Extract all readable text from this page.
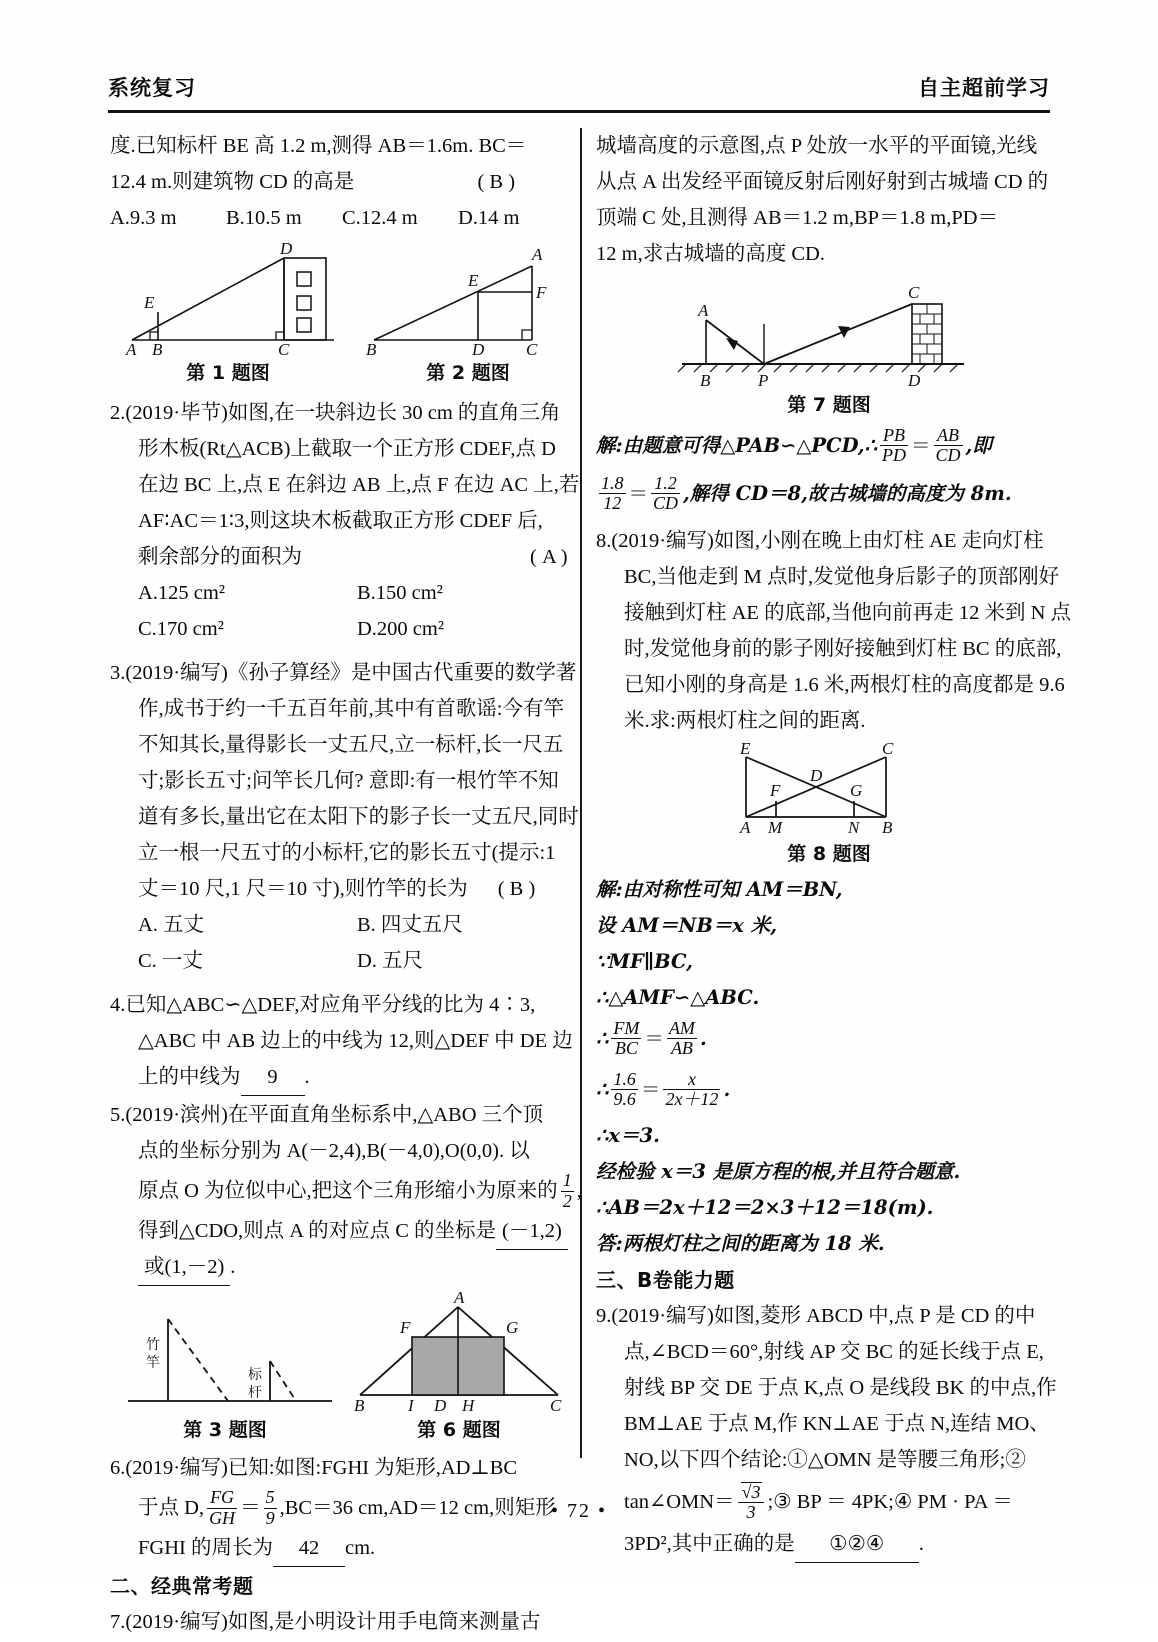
系统复习	自主超前学习
度.已知标杆 BE 高 1.2 m,测得 AB＝1.6m. BC＝
12.4 m.则建筑物 CD 的高是	( B )
A.9.3 m	B.10.5 m	C.12.4 m	D.14 m
A B	C
D
E
B	D C
A
E
F
第 1 题图	第 2 题图
2.(2019·毕节)如图,在一块斜边长 30 cm 的直角三角
形木板(Rt△ACB)上截取一个正方形 CDEF,点 D
在边 BC 上,点 E 在斜边 AB 上,点 F 在边 AC 上,若
AF∶AC＝1∶3,则这块木板截取正方形 CDEF 后,
剩余部分的面积为	( A )
A.125 cm²	B.150 cm²
C.170 cm²	D.200 cm²
3.(2019·编写)《孙子算经》是中国古代重要的数学著
作,成书于约一千五百年前,其中有首歌谣:今有竿
不知其长,量得影长一丈五尺,立一标杆,长一尺五
寸;影长五寸;问竿长几何? 意即:有一根竹竿不知
道有多长,量出它在太阳下的影子长一丈五尺,同时
立一根一尺五寸的小标杆,它的影长五寸(提示:1
丈＝10 尺,1 尺＝10 寸),则竹竿的长为 ( B )
A. 五丈	B. 四丈五尺
C. 一丈	D. 五尺
4.已知△ABC∽△DEF,对应角平分线的比为 4∶3,
△ABC 中 AB 边上的中线为 12,则△DEF 中 DE 边
上的中线为 9 .
5.(2019·滨州)在平面直角坐标系中,△ABO 三个顶
点的坐标分别为 A(－2,4),B(－4,0),O(0,0). 以
原点 O 为位似中心,把这个三角形缩小为原来的 $\frac{1}{2}$ ,
得到△CDO,则点 A 的对应点 C 的坐标是 (－1,2)
或(1,－2) .
竹
竿
标
杆
A
F	G
B	I D H	C
第 3 题图	第 6 题图
6.(2019·编写)已知:如图:FGHI 为矩形,AD⊥BC
于点 D, $\frac{FG}{GH} = \frac{5}{9} ,BC=36$ cm,AD＝12 cm,则矩形
FGHI 的周长为 42 cm.
二、经典常考题
7.(2019·编写)如图,是小明设计用手电筒来测量古
城墙高度的示意图,点 P 处放一水平的平面镜,光线
从点 A 出发经平面镜反射后刚好射到古城墙 CD 的
顶端 C 处,且测得 AB＝1.2 m,BP＝1.8 m,PD＝
12 m,求古城墙的高度 CD.
A
C
B	P	D
第 7 题图
解:由题意可得△PAB∽△PCD,∴ $\frac{PB}{PD} = \frac{AB}{CD}$ ,即
$\frac{1.8}{12} = \frac{1.2}{CD}$ ,解得 CD＝8,故古城墙的高度为 8m.
8.(2019·编写)如图,小刚在晚上由灯柱 AE 走向灯柱
BC,当他走到 M 点时,发觉他身后影子的顶部刚好
接触到灯柱 AE 的底部,当他向前再走 12 米到 N 点
时,发觉他身前的影子刚好接触到灯柱 BC 的底部,
已知小刚的身高是 1.6 米,两根灯柱的高度都是 9.6
米.求:两根灯柱之间的距离.
E	C
D
F	G
A M	N B
第 8 题图
解:由对称性可知 AM＝BN,
设 AM＝NB＝x 米,
∵MF∥BC,
∴△AMF∽△ABC.
∴ $\frac{FM}{BC} = \frac{AM}{AB}$ .
∴ $\frac{1.6}{9.6} = \frac{x}{2x+12}$ .
∴x＝3.
经检验 x＝3 是原方程的根,并且符合题意.
∴AB＝2x＋12＝2×3＋12＝18(m).
答:两根灯柱之间的距离为 18 米.
三、B卷能力题
9.(2019·编写)如图,菱形 ABCD 中,点 P 是 CD 的中
点,∠BCD＝60°,射线 AP 交 BC 的延长线于点 E,
射线 BP 交 DE 于点 K,点 O 是线段 BK 的中点,作
BM⊥AE 于点 M,作 KN⊥AE 于点 N,连结 MO、
NO,以下四个结论:①△OMN 是等腰三角形;②
tan∠OMN＝ $\frac{√3}{3}$ ;③ BP ＝ 4PK;④ PM · PA ＝
3PD²,其中正确的是 ①②④ .
• 72 •
